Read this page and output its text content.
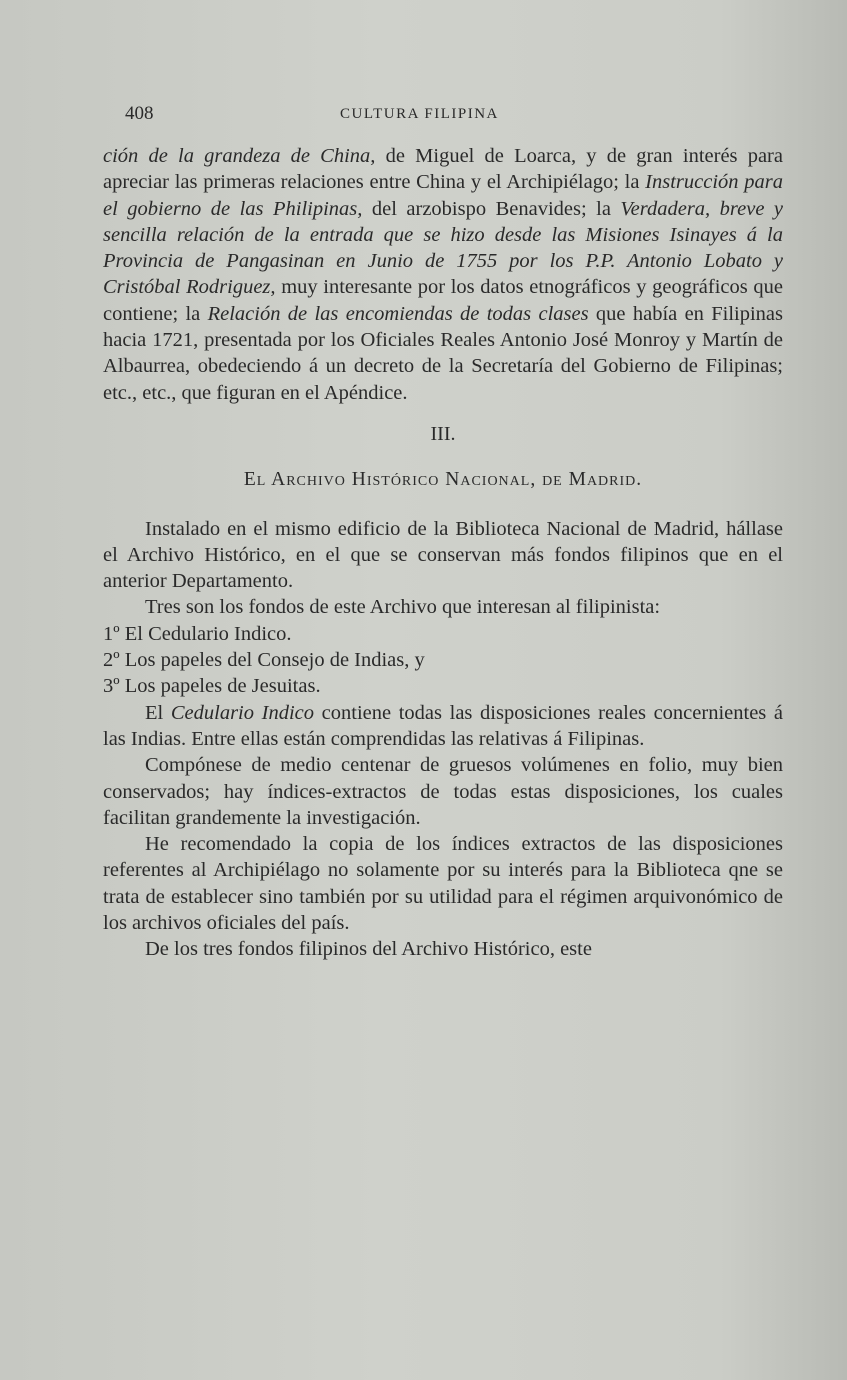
408	CULTURA FILIPINA

ción de la grandeza de China, de Miguel de Loarca, y de gran interés para apreciar las primeras relaciones entre China y el Archipiélago; la Instrucción para el gobierno de las Philipinas, del arzobispo Benavides; la Verdadera, breve y sencilla relación de la entrada que se hizo desde las Misiones Isinayes á la Provincia de Pangasinan en Junio de 1755 por los P.P. Antonio Lobato y Cristóbal Rodriguez, muy interesante por los datos etnográficos y geográficos que contiene; la Relación de las encomiendas de todas clases que había en Filipinas hacia 1721, presentada por los Oficiales Reales Antonio José Monroy y Martín de Albaurrea, obedeciendo á un decreto de la Secretaría del Gobierno de Filipinas; etc., etc., que figuran en el Apéndice.

III.
El Archivo Histórico Nacional, de Madrid.

Instalado en el mismo edificio de la Biblioteca Nacional de Madrid, hállase el Archivo Histórico, en el que se conservan más fondos filipinos que en el anterior Departamento.

Tres son los fondos de este Archivo que interesan al filipinista:

1º El Cedulario Indico.

2º Los papeles del Consejo de Indias, y

3º Los papeles de Jesuitas.

El Cedulario Indico contiene todas las disposiciones reales concernientes á las Indias. Entre ellas están comprendidas las relativas á Filipinas.

Compónese de medio centenar de gruesos volúmenes en folio, muy bien conservados; hay índices-extractos de todas estas disposiciones, los cuales facilitan grandemente la investigación.

He recomendado la copia de los índices extractos de las disposiciones referentes al Archipiélago no solamente por su interés para la Biblioteca qne se trata de establecer sino también por su utilidad para el régimen arquivonómico de los archivos oficiales del país.

De los tres fondos filipinos del Archivo Histórico, este
